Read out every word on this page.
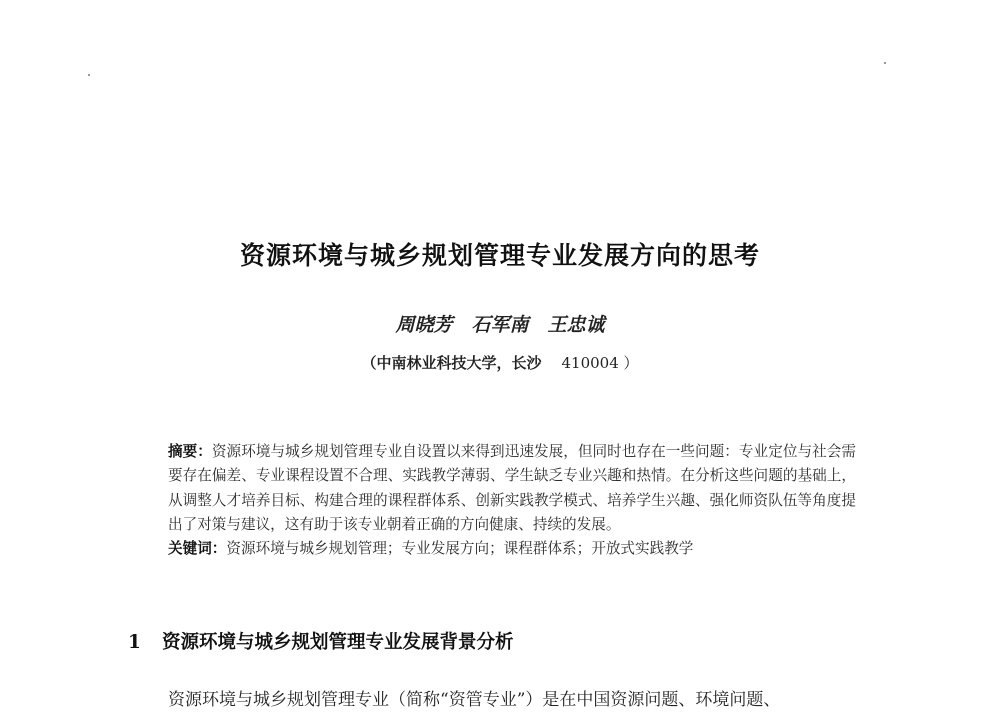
资源环境与城乡规划管理专业发展方向的思考
周晓芳　石军南　王忠诚
（中南林业科技大学，长沙 410004 ）

摘要：资源环境与城乡规划管理专业自设置以来得到迅速发展，但同时也存在一些问题：专业定位与社会需要存在偏差、专业课程设置不合理、实践教学薄弱、学生缺乏专业兴趣和热情。在分析这些问题的基础上，从调整人才培养目标、构建合理的课程群体系、创新实践教学模式、培养学生兴趣、强化师资队伍等角度提出了对策与建议，这有助于该专业朝着正确的方向健康、持续的发展。

关键词：资源环境与城乡规划管理；专业发展方向；课程群体系；开放式实践教学

1 资源环境与城乡规划管理专业发展背景分析
资源环境与城乡规划管理专业（简称“资管专业”）是在中国资源问题、环境问题、
